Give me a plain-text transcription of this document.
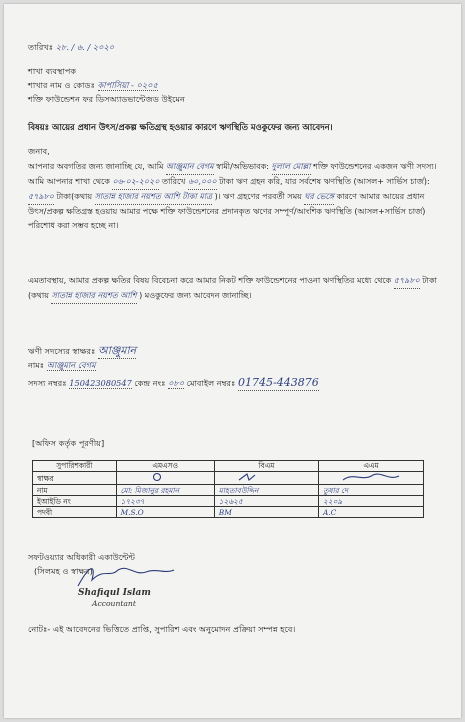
তারিখঃ ২৮. / ৬. / ২০২০
শাখা ব্যবস্থাপক
শাখার নাম ও কোডঃ কাপাসিয়া - ০২০৫
শক্তি ফাউন্ডেশন ফর ডিসঅ্যাডভান্টেজড উইমেন
বিষয়ঃ আয়ের প্রধান উৎস/প্রকল্প ক্ষতিগ্রস্থ হওয়ার কারণে ঋণস্থিতি মওকুফের জন্য আবেদন।
জনাব,
আপনার অবগতির জন্য জানাচ্ছি যে, আমি আঞ্জুমান বেগম স্বামী/অভিভাবক: দুলাল মোল্লা শক্তি ফাউন্ডেশনের একজন ঋণী সদস্য। আমি আপনার শাখা থেকে ০৬-০২-২০২০ তারিখে ৬০,০০০ টাকা ঋণ গ্রহন করি, যার সর্বশেষ ঋণস্থিতি (আসল+ সার্ভিস চার্জ): ৫৭৯৮০ টাকা(কথায় সাতান্ন হাজার নয়শত আশি টাকা মাত্র )। ঋণ গ্রহণের পরবর্তী সময় ঘর ভেঙ্গে কারণে আমার আয়ের প্রধান উৎস/প্রকল্প ক্ষতিগ্রস্ত হওয়ায় আমার পক্ষে শক্তি ফাউন্ডেশনের প্রদানকৃত ঋণের সম্পূর্ণ/আংশিক ঋণস্থিতি (আসল+সার্ভিস চার্জ) পরিশোধ করা সম্ভব হচ্ছে না।
এমতাবস্থায়, আমার প্রকল্প ক্ষতির বিষয় বিবেচনা করে আমার নিকট শক্তি ফাউন্ডেশনের পাওনা ঋণস্থিতির মধ্যে থেকে ৫৭৯৮০ টাকা (কথায় সাতান্ন হাজার নয়শত আশি ) মওকুফের জন্য আবেদন জানাচ্ছি।
ঋণী সদস্যের স্বাক্ষরঃ আঞ্জুমান
নামঃ আঞ্জুমান বেগম
সদস্য নম্বরঃ 150423080547 কেন্দ্র নংঃ ০৮০ মোবাইল নম্বরঃ 01745-443876
[অফিস কর্তৃক পূরণীয়]
সুপারিশকারী	এমএসও	বিএম	এএম
স্বাক্ষর			
নাম	মো: মিজানুর রহমান	মাহতাবউদ্দিন	তুষার দে
ইআইডি নং	১৭২৩৭	১২৬২৫	২২০৯
পদবী	M.S.O	BM	A.C
সফটওয়্যার অধিকারী একাউন্টেন্ট
(সিলমহ ও স্বাক্ষর)
Shafiqul Islam
Accountant
নোটঃ- এই আবেদনের ভিত্তিতে প্রাপ্তি, সুপারিশ এবং অনুমোদন প্রক্রিয়া সম্পন্ন হবে।
